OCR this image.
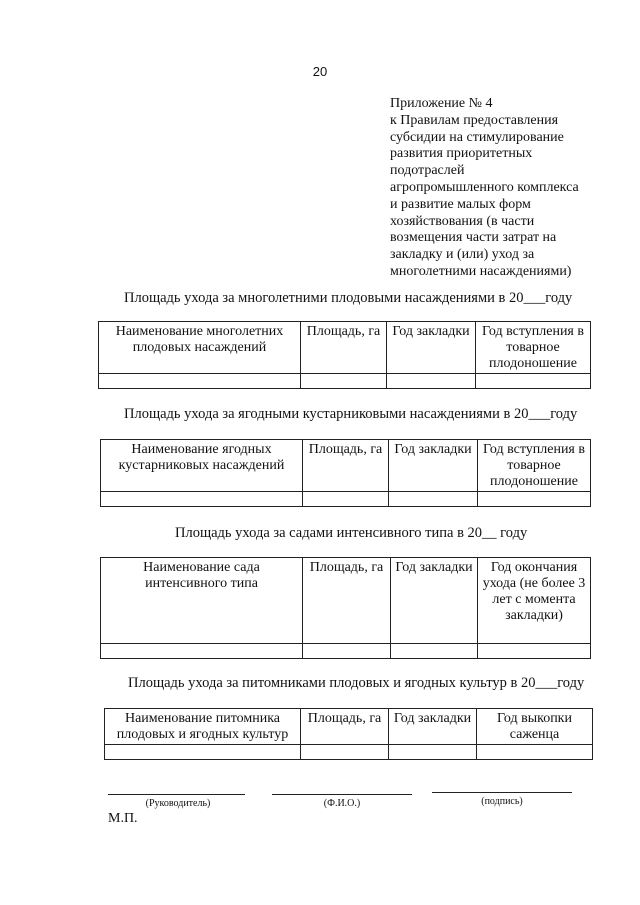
20
Приложение № 4
к Правилам предоставления
субсидии на стимулирование
развития приоритетных
подотраслей
агропромышленного комплекса
и развитие малых форм
хозяйствования (в части
возмещения части затрат на
закладку и (или) уход за
многолетними насаждениями)
Площадь ухода за многолетними плодовыми насаждениями в 20___году
Наименование многолетних плодовых насаждений	Площадь, га	Год закладки	Год вступления в товарное плодоношение

Площадь ухода за ягодными кустарниковыми насаждениями в 20___году
Наименование ягодных кустарниковых насаждений	Площадь, га	Год закладки	Год вступления в товарное плодоношение

Площадь ухода за садами интенсивного типа в 20__ году
Наименование сада интенсивного типа	Площадь, га	Год закладки	Год окончания ухода (не более 3 лет с момента закладки)

Площадь ухода за питомниками плодовых и ягодных культур в 20___году
Наименование питомника плодовых и ягодных культур	Площадь, га	Год закладки	Год выкопки саженца

(Руководитель)	(Ф.И.О.)	(подпись)
М.П.
